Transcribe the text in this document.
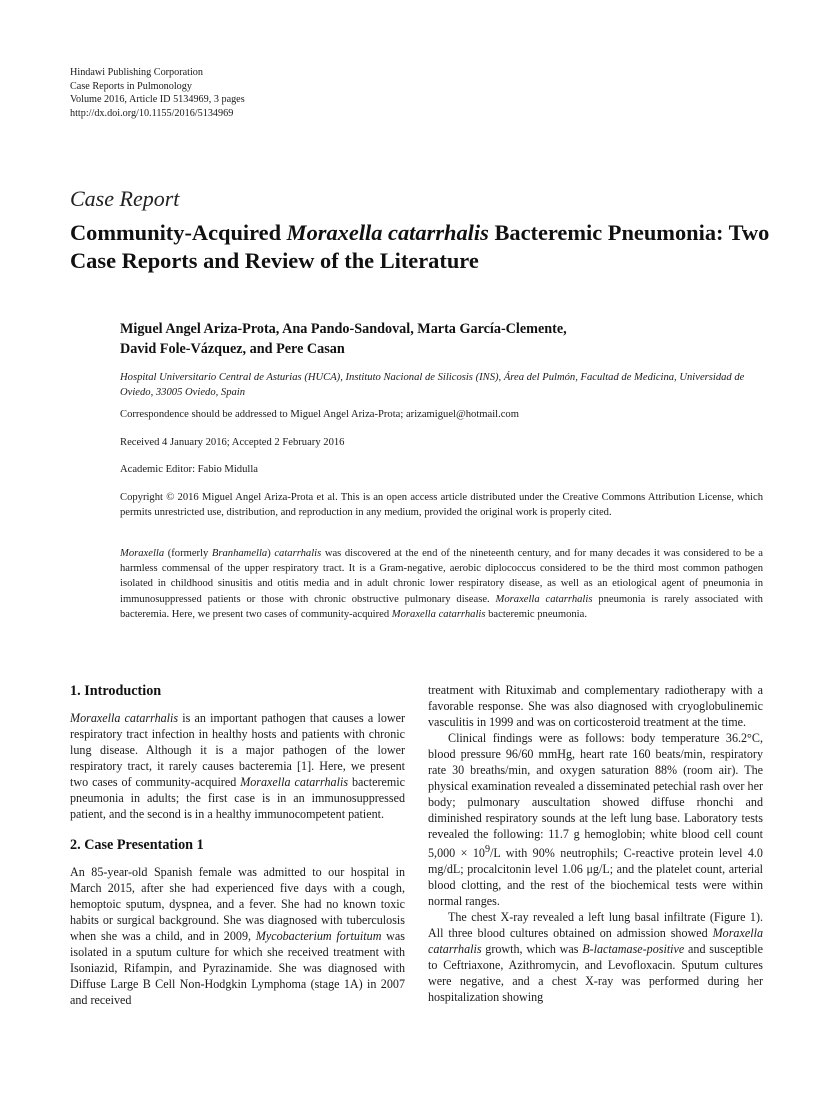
Hindawi Publishing Corporation
Case Reports in Pulmonology
Volume 2016, Article ID 5134969, 3 pages
http://dx.doi.org/10.1155/2016/5134969
Case Report
Community-Acquired Moraxella catarrhalis Bacteremic Pneumonia: Two Case Reports and Review of the Literature
Miguel Angel Ariza-Prota, Ana Pando-Sandoval, Marta García-Clemente,
David Fole-Vázquez, and Pere Casan
Hospital Universitario Central de Asturias (HUCA), Instituto Nacional de Silicosis (INS), Área del Pulmón, Facultad de Medicina, Universidad de Oviedo, 33005 Oviedo, Spain
Correspondence should be addressed to Miguel Angel Ariza-Prota; arizamiguel@hotmail.com
Received 4 January 2016; Accepted 2 February 2016
Academic Editor: Fabio Midulla
Copyright © 2016 Miguel Angel Ariza-Prota et al. This is an open access article distributed under the Creative Commons Attribution License, which permits unrestricted use, distribution, and reproduction in any medium, provided the original work is properly cited.
Moraxella (formerly Branhamella) catarrhalis was discovered at the end of the nineteenth century, and for many decades it was considered to be a harmless commensal of the upper respiratory tract. It is a Gram-negative, aerobic diplococcus considered to be the third most common pathogen isolated in childhood sinusitis and otitis media and in adult chronic lower respiratory disease, as well as an etiological agent of pneumonia in immunosuppressed patients or those with chronic obstructive pulmonary disease. Moraxella catarrhalis pneumonia is rarely associated with bacteremia. Here, we present two cases of community-acquired Moraxella catarrhalis bacteremic pneumonia.
1. Introduction

Moraxella catarrhalis is an important pathogen that causes a lower respiratory tract infection in healthy hosts and patients with chronic lung disease. Although it is a major pathogen of the lower respiratory tract, it rarely causes bacteremia [1]. Here, we present two cases of community-acquired Moraxella catarrhalis bacteremic pneumonia in adults; the first case is in an immunosuppressed patient, and the second is in a healthy immunocompetent patient.

2. Case Presentation 1

An 85-year-old Spanish female was admitted to our hospital in March 2015, after she had experienced five days with a cough, hemoptoic sputum, dyspnea, and a fever. She had no known toxic habits or surgical background. She was diagnosed with tuberculosis when she was a child, and in 2009, Mycobacterium fortuitum was isolated in a sputum culture for which she received treatment with Isoniazid, Rifampin, and Pyrazinamide. She was diagnosed with Diffuse Large B Cell Non-Hodgkin Lymphoma (stage 1A) in 2007 and received

treatment with Rituximab and complementary radiotherapy with a favorable response. She was also diagnosed with cryoglobulinemic vasculitis in 1999 and was on corticosteroid treatment at the time.

Clinical findings were as follows: body temperature 36.2°C, blood pressure 96/60 mmHg, heart rate 160 beats/min, respiratory rate 30 breaths/min, and oxygen saturation 88% (room air). The physical examination revealed a disseminated petechial rash over her body; pulmonary auscultation showed diffuse rhonchi and diminished respiratory sounds at the left lung base. Laboratory tests revealed the following: 11.7 g hemoglobin; white blood cell count $5,000 \times 10^9/L$ with 90% neutrophils; C-reactive protein level 4.0 mg/dL; procalcitonin level 1.06 μg/L; and the platelet count, arterial blood clotting, and the rest of the biochemical tests were within normal ranges.

The chest X-ray revealed a left lung basal infiltrate (Figure 1). All three blood cultures obtained on admission showed Moraxella catarrhalis growth, which was B-lactamase-positive and susceptible to Ceftriaxone, Azithromycin, and Levofloxacin. Sputum cultures were negative, and a chest X-ray was performed during her hospitalization showing
